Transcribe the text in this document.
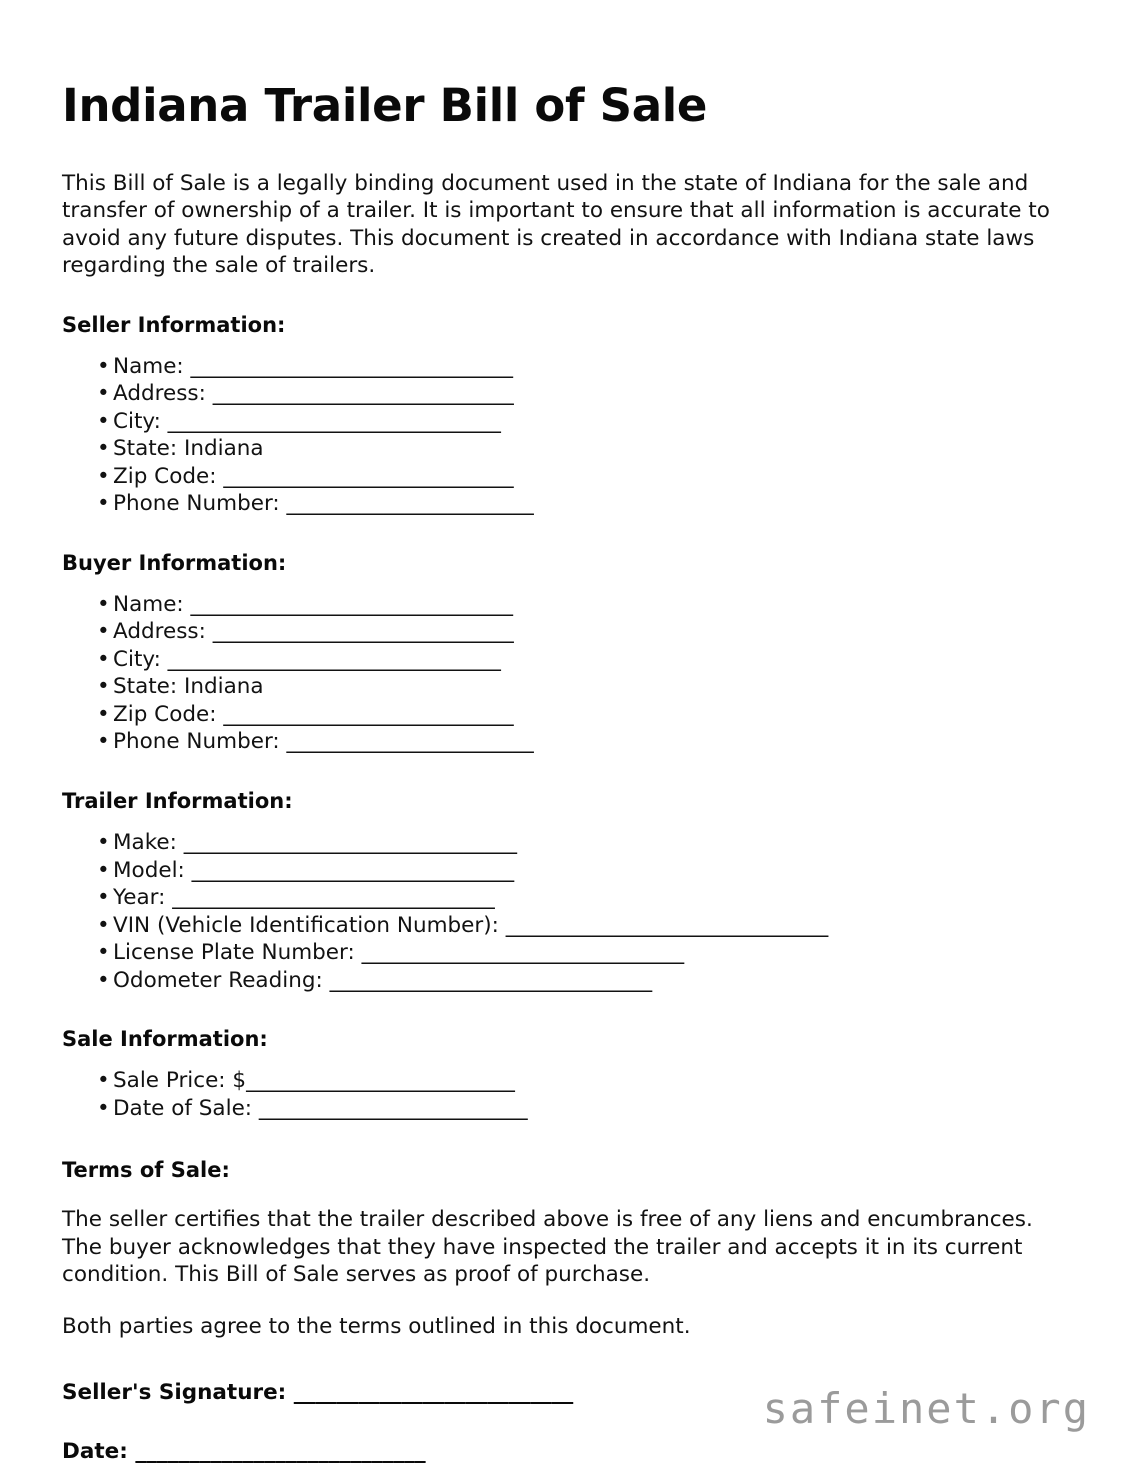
Indiana Trailer Bill of Sale

This Bill of Sale is a legally binding document used in the state of Indiana for the sale and transfer of ownership of a trailer. It is important to ensure that all information is accurate to avoid any future disputes. This document is created in accordance with Indiana state laws regarding the sale of trailers.

Seller Information:
• Name: ______________________________
• Address: ____________________________
• City: _______________________________
• State: Indiana
• Zip Code: ___________________________
• Phone Number: _______________________
Buyer Information:
• Name: ______________________________
• Address: ____________________________
• City: _______________________________
• State: Indiana
• Zip Code: ___________________________
• Phone Number: _______________________
Trailer Information:
• Make: _______________________________
• Model: ______________________________
• Year: ______________________________
• VIN (Vehicle Identification Number): ______________________________
• License Plate Number: ______________________________
• Odometer Reading: ______________________________
Sale Information:
• Sale Price: $_________________________
• Date of Sale: _________________________
Terms of Sale:

The seller certifies that the trailer described above is free of any liens and encumbrances. The buyer acknowledges that they have inspected the trailer and accepts it in its current condition. This Bill of Sale serves as proof of purchase.

Both parties agree to the terms outlined in this document.

Seller's Signature: __________________________

Date: ___________________________

safeinet.org
